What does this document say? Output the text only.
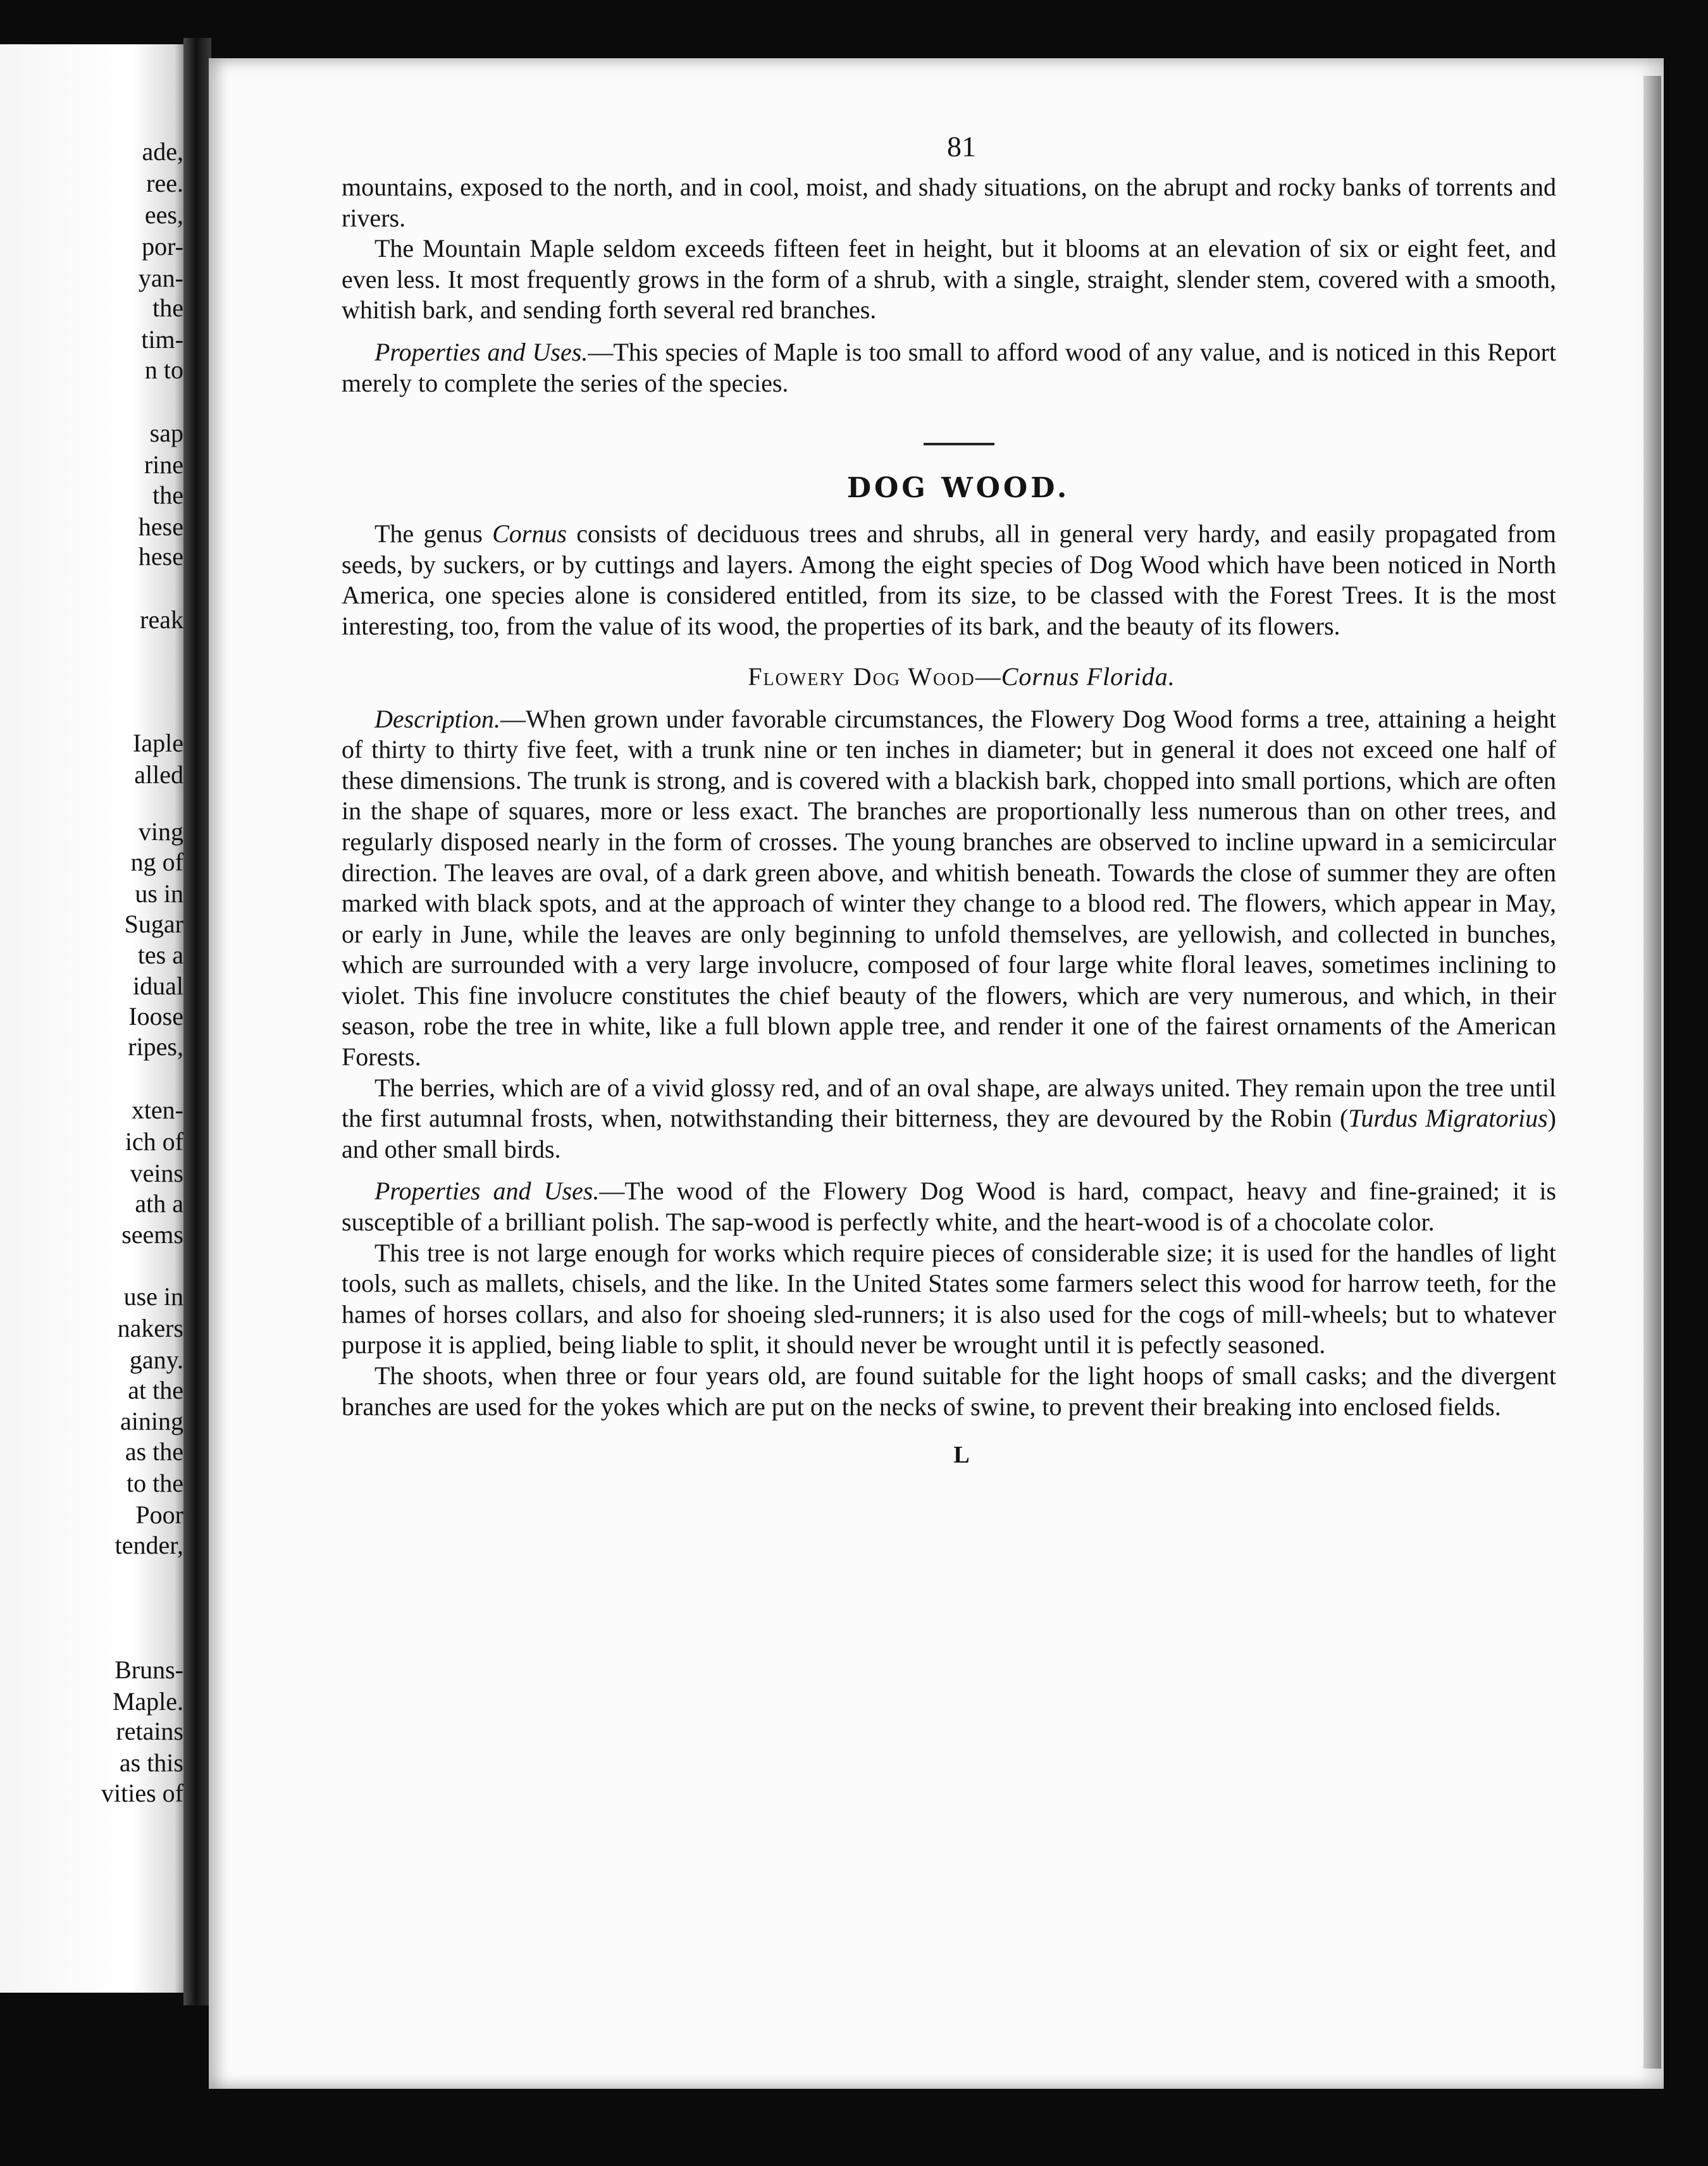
ade,
ree.
ees,
por-
yan-
the
tim-
n to
sap
rine
the
hese
hese
reak
Iaple
alled
ving
ng of
us in
Sugar
tes a
idual
Ioose
ripes,
xten-
ich of
veins
ath a
seems
use in
nakers
gany.
at the
aining
as the
to the
Poor
tender,
Bruns-
Maple.
retains
as this
vities of
81

mountains, exposed to the north, and in cool, moist, and shady situations, on the abrupt and rocky banks of torrents and rivers.

The Mountain Maple seldom exceeds fifteen feet in height, but it blooms at an elevation of six or eight feet, and even less. It most frequently grows in the form of a shrub, with a single, straight, slender stem, covered with a smooth, whitish bark, and sending forth several red branches.

Properties and Uses.—This species of Maple is too small to afford wood of any value, and is noticed in this Report merely to complete the series of the species.

DOG WOOD.

The genus Cornus consists of deciduous trees and shrubs, all in general very hardy, and easily propagated from seeds, by suckers, or by cuttings and layers. Among the eight species of Dog Wood which have been noticed in North America, one species alone is considered entitled, from its size, to be classed with the Forest Trees. It is the most interesting, too, from the value of its wood, the properties of its bark, and the beauty of its flowers.

Flowery Dog Wood—Cornus Florida.

Description.—When grown under favorable circumstances, the Flowery Dog Wood forms a tree, attaining a height of thirty to thirty five feet, with a trunk nine or ten inches in diameter; but in general it does not exceed one half of these dimensions. The trunk is strong, and is covered with a blackish bark, chopped into small portions, which are often in the shape of squares, more or less exact. The branches are proportionally less numerous than on other trees, and regularly disposed nearly in the form of crosses. The young branches are observed to incline upward in a semicircular direction. The leaves are oval, of a dark green above, and whitish beneath. Towards the close of summer they are often marked with black spots, and at the approach of winter they change to a blood red. The flowers, which appear in May, or early in June, while the leaves are only beginning to unfold themselves, are yellowish, and collected in bunches, which are surrounded with a very large involucre, composed of four large white floral leaves, sometimes inclining to violet. This fine involucre constitutes the chief beauty of the flowers, which are very numerous, and which, in their season, robe the tree in white, like a full blown apple tree, and render it one of the fairest ornaments of the American Forests.

The berries, which are of a vivid glossy red, and of an oval shape, are always united. They remain upon the tree until the first autumnal frosts, when, notwithstanding their bitterness, they are devoured by the Robin (Turdus Migratorius) and other small birds.

Properties and Uses.—The wood of the Flowery Dog Wood is hard, compact, heavy and fine-grained; it is susceptible of a brilliant polish. The sap-wood is perfectly white, and the heart-wood is of a chocolate color.

This tree is not large enough for works which require pieces of considerable size; it is used for the handles of light tools, such as mallets, chisels, and the like. In the United States some farmers select this wood for harrow teeth, for the hames of horses collars, and also for shoeing sled-runners; it is also used for the cogs of mill-wheels; but to whatever purpose it is applied, being liable to split, it should never be wrought until it is pefectly seasoned.

The shoots, when three or four years old, are found suitable for the light hoops of small casks; and the divergent branches are used for the yokes which are put on the necks of swine, to prevent their breaking into enclosed fields.

L
